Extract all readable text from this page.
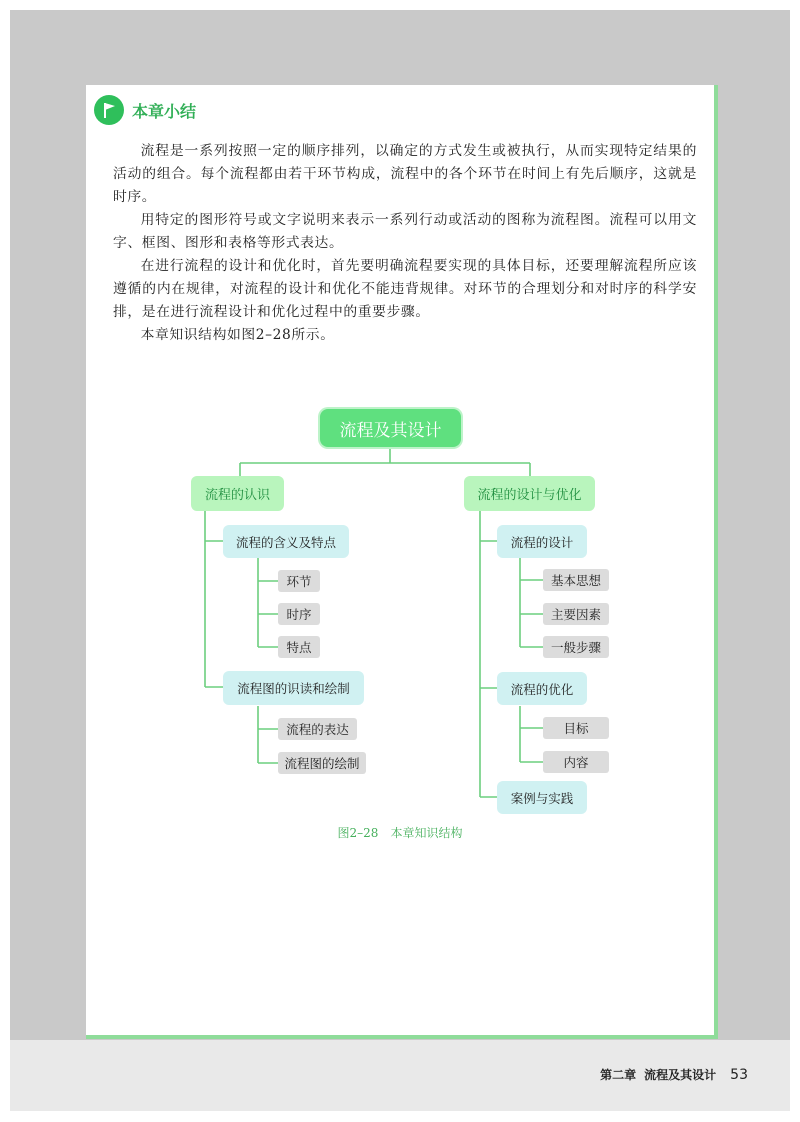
本章小结

流程是一系列按照一定的顺序排列，以确定的方式发生或被执行，从而实现特定结果的活动的组合。每个流程都由若干环节构成，流程中的各个环节在时间上有先后顺序，这就是时序。

用特定的图形符号或文字说明来表示一系列行动或活动的图称为流程图。流程可以用文字、框图、图形和表格等形式表达。

在进行流程的设计和优化时，首先要明确流程要实现的具体目标，还要理解流程所应该遵循的内在规律，对流程的设计和优化不能违背规律。对环节的合理划分和对时序的科学安排，是在进行流程设计和优化过程中的重要步骤。

本章知识结构如图2–28所示。

流程及其设计
流程的认识
流程的含义及特点
环节
时序
特点
流程图的识读和绘制
流程的表达
流程图的绘制
流程的设计与优化
流程的设计
基本思想
主要因素
一般步骤
流程的优化
目标
内容
案例与实践
图2–28 本章知识结构
第二章 流程及其设计 53
